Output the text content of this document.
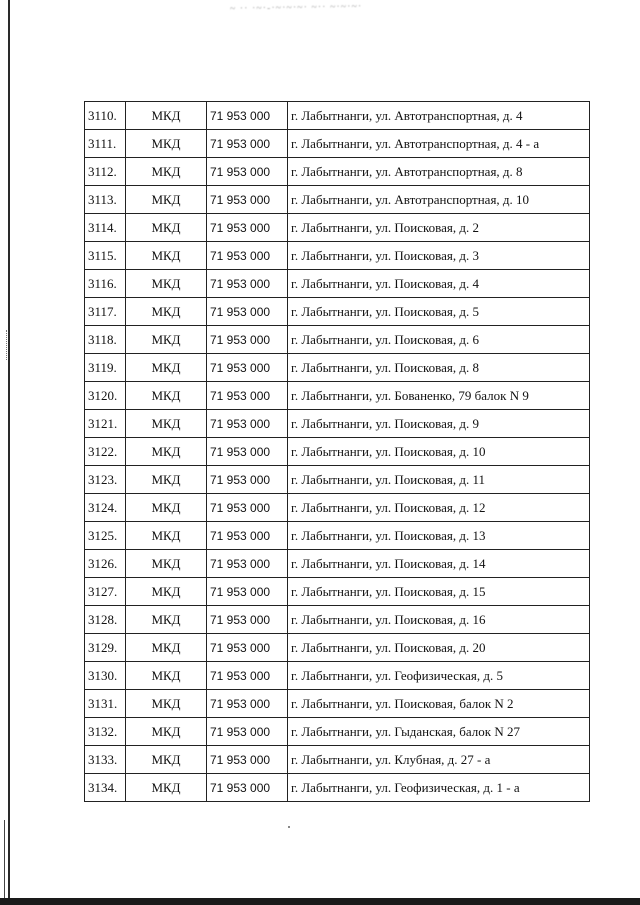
~ ·· ·~·-·~·~·~· ~·· ~·~·~·
3110.	МКД	71 953 000	г. Лабытнанги, ул. Автотранспортная, д. 4
3111.	МКД	71 953 000	г. Лабытнанги, ул. Автотранспортная, д. 4 - а
3112.	МКД	71 953 000	г. Лабытнанги, ул. Автотранспортная, д. 8
3113.	МКД	71 953 000	г. Лабытнанги, ул. Автотранспортная, д. 10
3114.	МКД	71 953 000	г. Лабытнанги, ул. Поисковая, д. 2
3115.	МКД	71 953 000	г. Лабытнанги, ул. Поисковая, д. 3
3116.	МКД	71 953 000	г. Лабытнанги, ул. Поисковая, д. 4
3117.	МКД	71 953 000	г. Лабытнанги, ул. Поисковая, д. 5
3118.	МКД	71 953 000	г. Лабытнанги, ул. Поисковая, д. 6
3119.	МКД	71 953 000	г. Лабытнанги, ул. Поисковая, д. 8
3120.	МКД	71 953 000	г. Лабытнанги, ул. Бованенко, 79 балок N 9
3121.	МКД	71 953 000	г. Лабытнанги, ул. Поисковая, д. 9
3122.	МКД	71 953 000	г. Лабытнанги, ул. Поисковая, д. 10
3123.	МКД	71 953 000	г. Лабытнанги, ул. Поисковая, д. 11
3124.	МКД	71 953 000	г. Лабытнанги, ул. Поисковая, д. 12
3125.	МКД	71 953 000	г. Лабытнанги, ул. Поисковая, д. 13
3126.	МКД	71 953 000	г. Лабытнанги, ул. Поисковая, д. 14
3127.	МКД	71 953 000	г. Лабытнанги, ул. Поисковая, д. 15
3128.	МКД	71 953 000	г. Лабытнанги, ул. Поисковая, д. 16
3129.	МКД	71 953 000	г. Лабытнанги, ул. Поисковая, д. 20
3130.	МКД	71 953 000	г. Лабытнанги, ул. Геофизическая, д. 5
3131.	МКД	71 953 000	г. Лабытнанги, ул. Поисковая, балок N 2
3132.	МКД	71 953 000	г. Лабытнанги, ул. Гыданская, балок N 27
3133.	МКД	71 953 000	г. Лабытнанги, ул. Клубная, д. 27 - а
3134.	МКД	71 953 000	г. Лабытнанги, ул. Геофизическая, д. 1 - а
